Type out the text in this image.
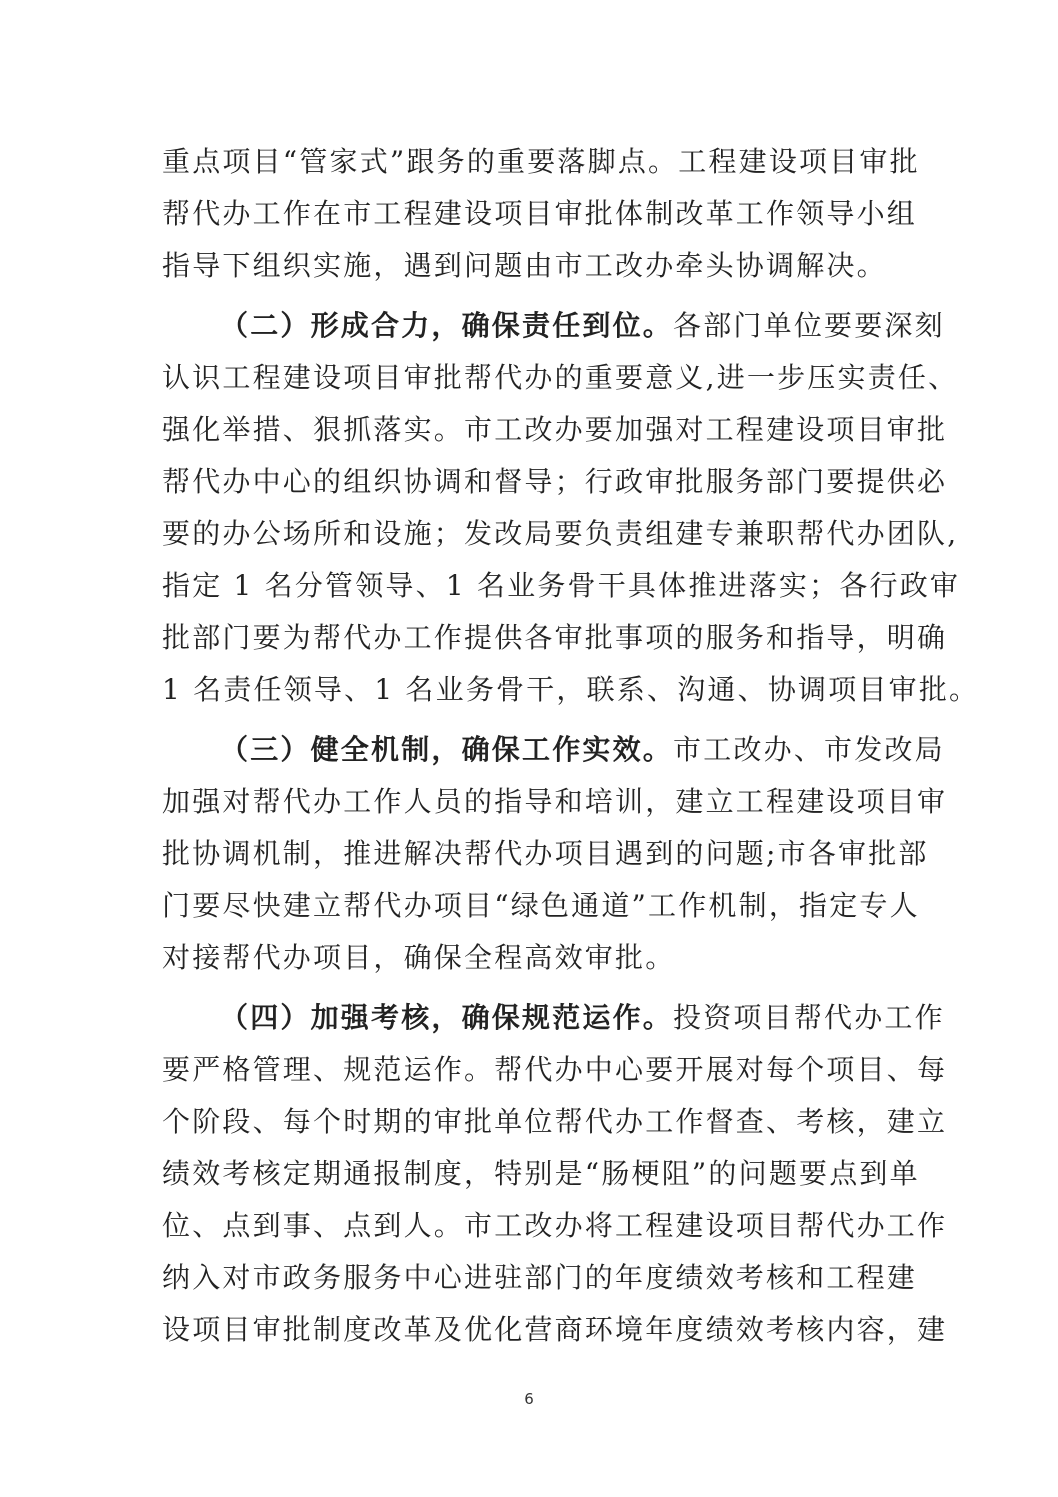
重点项目“管家式”跟务的重要落脚点。工程建设项目审批
帮代办工作在市工程建设项目审批体制改革工作领导小组
指导下组织实施，遇到问题由市工改办牵头协调解决。
（二）形成合力，确保责任到位。各部门单位要要深刻
认识工程建设项目审批帮代办的重要意义,进一步压实责任、
强化举措、狠抓落实。市工改办要加强对工程建设项目审批
帮代办中心的组织协调和督导；行政审批服务部门要提供必
要的办公场所和设施；发改局要负责组建专兼职帮代办团队,
指定 1 名分管领导、1 名业务骨干具体推进落实；各行政审
批部门要为帮代办工作提供各审批事项的服务和指导，明确
1 名责任领导、1 名业务骨干，联系、沟通、协调项目审批。
（三）健全机制，确保工作实效。市工改办、市发改局
加强对帮代办工作人员的指导和培训，建立工程建设项目审
批协调机制，推进解决帮代办项目遇到的问题;市各审批部
门要尽快建立帮代办项目“绿色通道”工作机制，指定专人
对接帮代办项目，确保全程高效审批。
（四）加强考核，确保规范运作。投资项目帮代办工作
要严格管理、规范运作。帮代办中心要开展对每个项目、每
个阶段、每个时期的审批单位帮代办工作督查、考核，建立
绩效考核定期通报制度，特别是“肠梗阻”的问题要点到单
位、点到事、点到人。市工改办将工程建设项目帮代办工作
纳入对市政务服务中心进驻部门的年度绩效考核和工程建
设项目审批制度改革及优化营商环境年度绩效考核内容，建
6
